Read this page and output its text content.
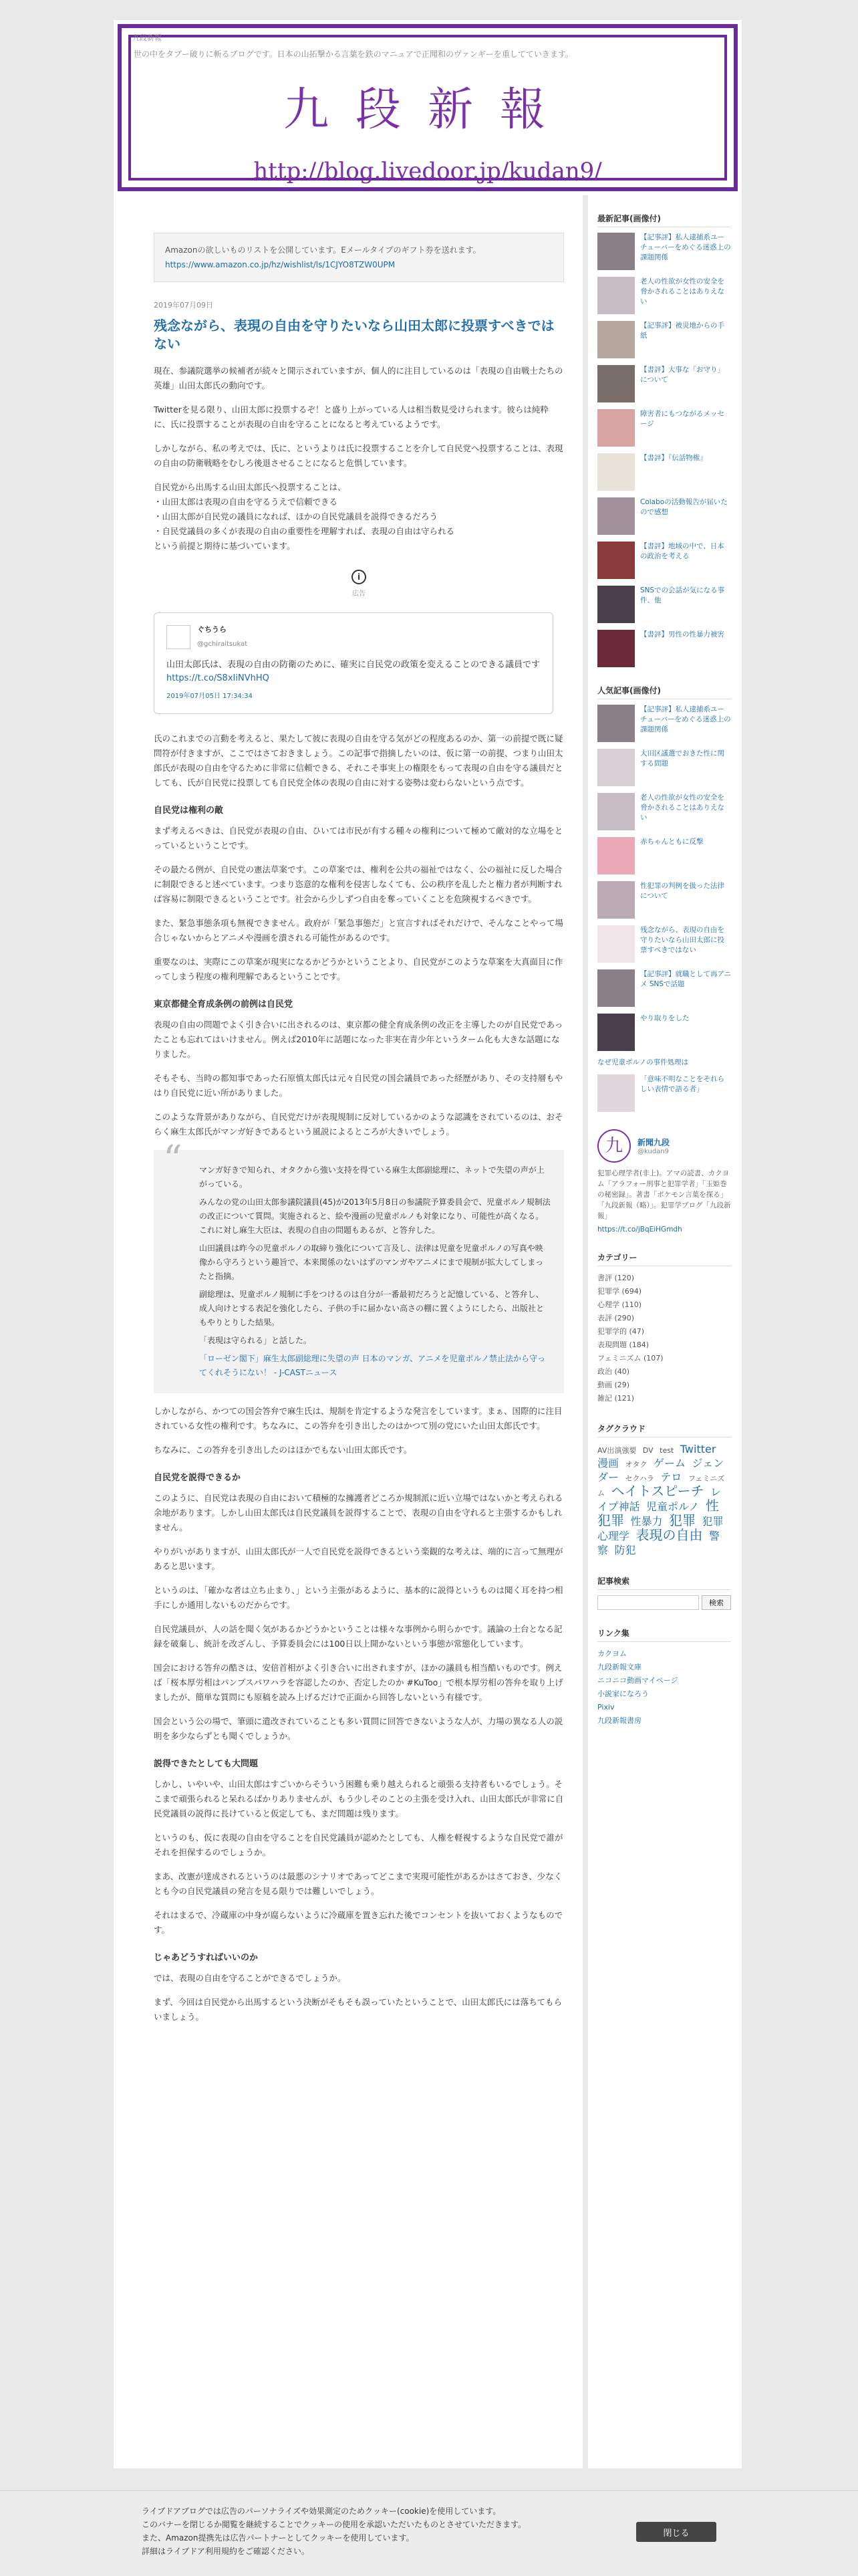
九段新報
世の中をタブー破りに斬るブログです。日本の山拓撃かる言葉を鉄のマニュアで正聞和のヴァンギーを重してていきます。
九段新報
http://blog.livedoor.jp/kudan9/
Amazonの欲しいものリストを公開しています。Eメールタイプのギフト券を送れます。
https://www.amazon.co.jp/hz/wishlist/ls/1CJYO8TZW0UPM
2019年07月09日
残念ながら、表現の自由を守りたいなら山田太郎に投票すべきではない

現在、参議院選挙の候補者が続々と開示されていますが、個人的に注目しているのは「表現の自由戦士たちの英雄」山田太郎氏の動向です。

Twitterを見る限り、山田太郎に投票するぞ！と盛り上がっている人は相当数見受けられます。彼らは純粋に、氏に投票することが表現の自由を守ることになると考えているようです。

しかしながら、私の考えでは、氏に、というよりは氏に投票することを介して自民党へ投票することは、表現の自由の防衛戦略をむしろ後退させることになると危惧しています。

自民党から出馬する山田太郎氏へ投票することは、
・山田太郎は表現の自由を守るうえで信頼できる
・山田太郎が自民党の議員になれば、ほかの自民党議員を説得できるだろう
・自民党議員の多くが表現の自由の重要性を理解すれば、表現の自由は守られる
という前提と期待に基づいています。
i
広告
ぐちうら
@gchiraitsukat
山田太郎氏は、表現の自由の防衛のために、確実に自民党の政策を変えることのできる議員です https://t.co/S8xIiNVhHQ
2019年07月05日 17:34:34

氏のこれまでの言動を考えると、果たして彼に表現の自由を守る気がどの程度あるのか、第一の前提で既に疑問符が付きますが、ここではさておきましょう。この記事で指摘したいのは、仮に第一の前提、つまり山田太郎氏が表現の自由を守るために非常に信頼できる、それこそ事実上の権限をもって表現の自由を守る議員だとしても、氏が自民党に投票しても自民党全体の表現の自由に対する姿勢は変わらないという点です。

自民党は権利の敵

まず考えるべきは、自民党が表現の自由、ひいては市民が有する種々の権利について極めて敵対的な立場をとっているということです。

その最たる例が、自民党の憲法草案です。この草案では、権利を公共の福祉ではなく、公の福祉に反した場合に制限できると述べています。つまり恣意的な権利を侵害しなくても、公の秩序を乱したと権力者が判断すれば容易に制限できるということです。社会から少しずつ自由を奪っていくことを危険視するべきです。

また、緊急事態条項も無視できません。政府が「緊急事態だ」と宣言すればそれだけで、そんなことやって場合じゃないからとアニメや漫画を潰される可能性があるのです。

重要なのは、実際にこの草案が現実になるかどうかということより、自民党がこのような草案を大真面目に作ってしまう程度の権利理解であるということです。

東京都健全育成条例の前例は自民党

表現の自由の問題でよく引き合いに出されるのは、東京都の健全育成条例の改正を主導したのが自民党であったことも忘れてはいけません。例えば2010年に話題になった非実在青少年というターム化も大きな話題になりました。

そもそも、当時の都知事であった石原慎太郎氏は元々自民党の国会議員であった経歴があり、その支持層もやはり自民党に近い所がありました。

このような背景がありながら、自民党だけが表現規制に反対しているかのような認識をされているのは、おそらく麻生太郎氏がマンガ好きであるという風説によるところが大きいでしょう。

“ マンガ好きで知られ、オタクから強い支持を得ている麻生太郎副総理に、ネットで失望の声が上がっている。

みんなの党の山田太郎参議院議員(45)が2013年5月8日の参議院予算委員会で、児童ポルノ規制法の改正について質問。実施されると、絵や漫画の児童ポルノも対象になり、可能性が高くなる。これに対し麻生大臣は、表現の自由の問題もあるが、と答弁した。

山田議員は昨今の児童ポルノの取締り強化について言及し、法律は児童を児童ポルノの写真や映像から守ろうという趣旨で、本来関係のないはずのマンガやアニメにまで規制が拡大してしまったと指摘。

副総理は、児童ポルノ規制に手をつけるのは自分が一番最初だろうと記憶している、と答弁し、成人向けとする表記を強化したら、子供の手に届かない高さの棚に置くようにしたら、出版社ともやりとりした結果。

「表現は守られる」と話した。

「ローゼン閣下」麻生太郎副総理に失望の声 日本のマンガ、アニメを児童ポルノ禁止法から守ってくれそうにない！ - J-CASTニュース

しかしながら、かつての国会答弁で麻生氏は、規制を肯定するような発言をしています。まぁ、国際的に注目されている女性の権利です。ちなみに、この答弁を引き出したのはかつて別の党にいた山田太郎氏です。

ちなみに、この答弁を引き出したのはほかでもない山田太郎氏です。

自民党を説得できるか

このように、自民党は表現の自由において積極的な擁護者どころか規制派に近い立場ではないかと考えられる余地があります。しかし山田太郎氏は自民党議員を説得することで、表現の自由を守れると主張するかもしれません。

やりがいがありますが、山田太郎氏が一人で自民党を説得できるという楽観的な考えは、端的に言って無理があると思います。

というのは、「確かな者は立ち止まり、」という主張があるように、基本的に説得というものは聞く耳を持つ相手にしか通用しないものだからです。

自民党議員が、人の話を聞く気があるかどうかということは様々な事例から明らかです。議論の土台となる記録を破棄し、統計を改ざんし、予算委員会には100日以上開かないという事態が常態化しています。

国会における答弁の酷さは、安倍首相がよく引き合いに出されますが、ほかの議員も相当酷いものです。例えば「桜本厚労相はパンプスパワハラを容認したのか、否定したのか #KuToo」で根本厚労相の答弁を取り上げましたが、簡単な質問にも原稿を読み上げるだけで正面から回答しないという有様です。

国会という公の場で、筆頭に遣改されていることも多い質問に回答できないような人が、力場の異なる人の説明を多少ならずとも聞くでしょうか。

説得できたとしても大問題

しかし、いやいや、山田太郎はすごいからそういう困難も乗り越えられると頑張る支持者もいるでしょう。そこまで頑張られると呆れるばかりありませんが、もう少しそのことの主張を受け入れ、山田太郎氏が非常に自民党議員の説得に長けていると仮定しても、まだ問題は残ります。

というのも、仮に表現の自由を守ることを自民党議員が認めたとしても、人権を軽視するような自民党で誰がそれを担保するのでしょうか。

まあ、改憲が達成されるというのは最悪のシナリオであってどこまで実現可能性があるかはさておき、少なくとも今の自民党議員の発言を見る限りでは難しいでしょう。

それはまるで、冷蔵庫の中身が腐らないように冷蔵庫を置き忘れた後でコンセントを抜いておくようなものです。

じゃあどうすればいいのか

では、表現の自由を守ることができるでしょうか。

まず、今回は自民党から出馬するという決断がそもそも誤っていたということで、山田太郎氏には落ちてもらいましょう。

最新記事(画像付)
【記事評】私人逮捕系ユーチューバーをめぐる迷惑上の課題関係
老人の性欲が女性の安全を脅かされることはありえない
【記事評】被災地からの手紙
【書評】大事な「お守り」について
障害者にもつながるメッセージ
【書評】『伝話物権』
Colaboの活動報告が届いたので感想
【書評】地域の中で、日本の政治を考える
SNSでの会話が気になる事件、他
【書評】男性の性暴力被害
人気記事(画像付)
【記事評】私人逮捕系ユーチューバーをめぐる迷惑上の課題関係
大田区議選でおきた性に関する問題
老人の性欲が女性の安全を脅かされることはありえない
赤ちゃんともに反撃
性犯罪の判例を扱った法律について
残念ながら、表現の自由を守りたいなら山田太郎に投票すべきではない
【記事評】就職として再アニメ SNSで話題
やり取りをした
なぜ児童ポルノの事件処理は
「意味不明なことをそれらしい表情で語る者」
九	新聞九段
@kudan9
犯罪心理学者(非上)。アマの読書、カクヨム「アラフォー刑事と犯罪学者」「玉姫巻の秘密録」。著書「ポケモン言葉を探る」「九段新報（略）」。犯罪学ブログ「九段新報」
https://t.co/jBqEiHGmdh
カテゴリー
書評 (120)
犯罪学 (694)
心理学 (110)
表評 (290)
犯罪学的 (47)
表現問題 (184)
フェミニズム (107)
政治 (40)
動画 (29)
雑記 (121)
タグクラウド
AV出演強要 DV test Twitter 漫画 オタク ゲーム ジェンダー セクハラ テロ フェミニズム ヘイトスピーチ レイプ神話 児童ポルノ 性犯罪 性暴力 犯罪 犯罪心理学 表現の自由 警察 防犯
記事検索
検索
リンク集
カクヨム
九段新報文庫
ニコニコ動画マイページ
小説家になろう
Pixiv
九段新報書房
ライブドアブログでは広告のパーソナライズや効果測定のためクッキー(cookie)を使用しています。
このバナーを閉じるか閲覧を継続することでクッキーの使用を承認いただいたものとさせていただきます。
また、Amazon提携先は広告パートナーとしてクッキーを使用しています。
詳細はライブドア利用規約をご確認ください。
閉じる
